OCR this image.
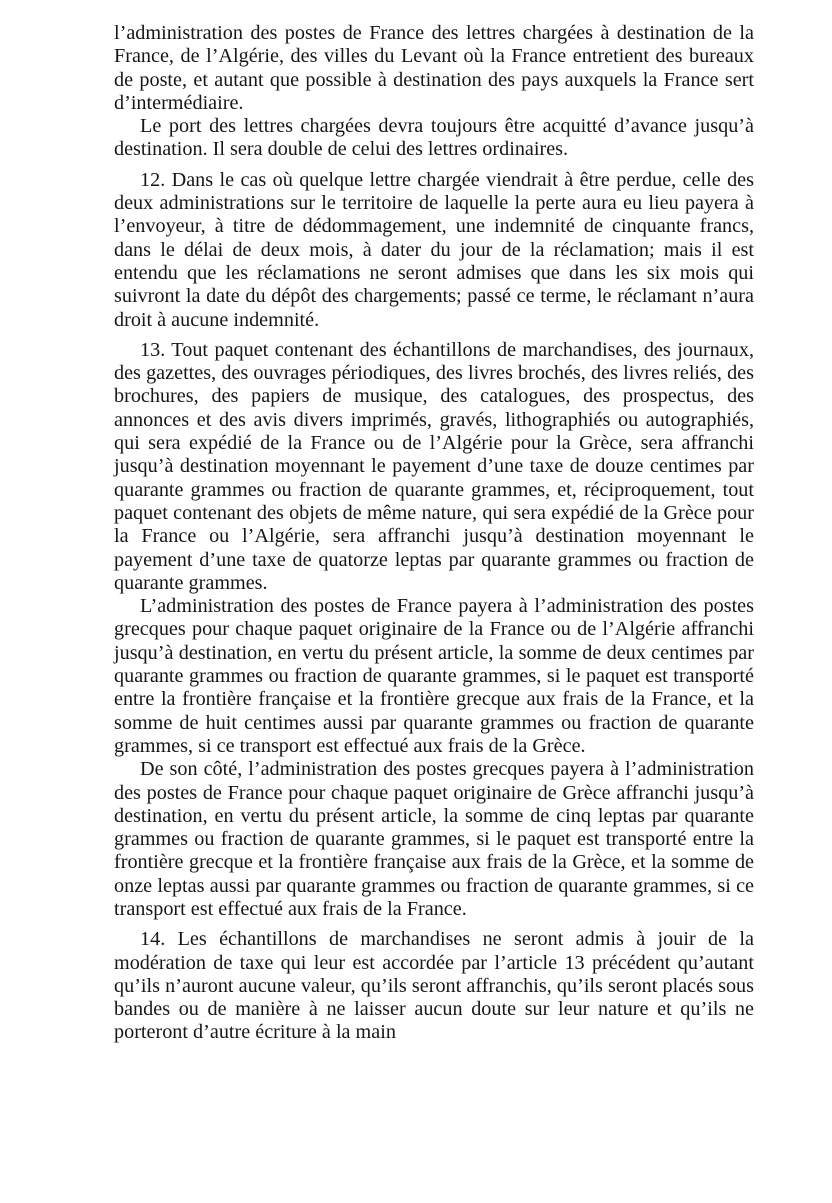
l’administration des postes de France des lettres chargées à destination de la France, de l’Algérie, des villes du Levant où la France entretient des bureaux de poste, et autant que possible à destination des pays auxquels la France sert d’intermédiaire.

Le port des lettres chargées devra toujours être acquitté d’avance jusqu’à destination. Il sera double de celui des lettres ordinaires.

12. Dans le cas où quelque lettre chargée viendrait à être perdue, celle des deux administrations sur le territoire de laquelle la perte aura eu lieu payera à l’envoyeur, à titre de dédommagement, une indemnité de cinquante francs, dans le délai de deux mois, à dater du jour de la réclamation; mais il est entendu que les réclamations ne seront admises que dans les six mois qui suivront la date du dépôt des chargements; passé ce terme, le réclamant n’aura droit à aucune indemnité.

13. Tout paquet contenant des échantillons de marchandises, des journaux, des gazettes, des ouvrages périodiques, des livres brochés, des livres reliés, des brochures, des papiers de musique, des catalogues, des prospectus, des annonces et des avis divers imprimés, gravés, lithographiés ou autographiés, qui sera expédié de la France ou de l’Algérie pour la Grèce, sera affranchi jusqu’à destination moyennant le payement d’une taxe de douze centimes par quarante grammes ou fraction de quarante grammes, et, réciproquement, tout paquet contenant des objets de même nature, qui sera expédié de la Grèce pour la France ou l’Algérie, sera affranchi jusqu’à destination moyennant le payement d’une taxe de quatorze leptas par quarante grammes ou fraction de quarante grammes.

L’administration des postes de France payera à l’administration des postes grecques pour chaque paquet originaire de la France ou de l’Algérie affranchi jusqu’à destination, en vertu du présent article, la somme de deux centimes par quarante grammes ou fraction de quarante grammes, si le paquet est transporté entre la frontière française et la frontière grecque aux frais de la France, et la somme de huit centimes aussi par quarante grammes ou fraction de quarante grammes, si ce transport est effectué aux frais de la Grèce.

De son côté, l’administration des postes grecques payera à l’administration des postes de France pour chaque paquet originaire de Grèce affranchi jusqu’à destination, en vertu du présent article, la somme de cinq leptas par quarante grammes ou fraction de quarante grammes, si le paquet est transporté entre la frontière grecque et la frontière française aux frais de la Grèce, et la somme de onze leptas aussi par quarante grammes ou fraction de quarante grammes, si ce transport est effectué aux frais de la France.

14. Les échantillons de marchandises ne seront admis à jouir de la modération de taxe qui leur est accordée par l’article 13 précédent qu’autant qu’ils n’auront aucune valeur, qu’ils seront affranchis, qu’ils seront placés sous bandes ou de manière à ne laisser aucun doute sur leur nature et qu’ils ne porteront d’autre écriture à la main
